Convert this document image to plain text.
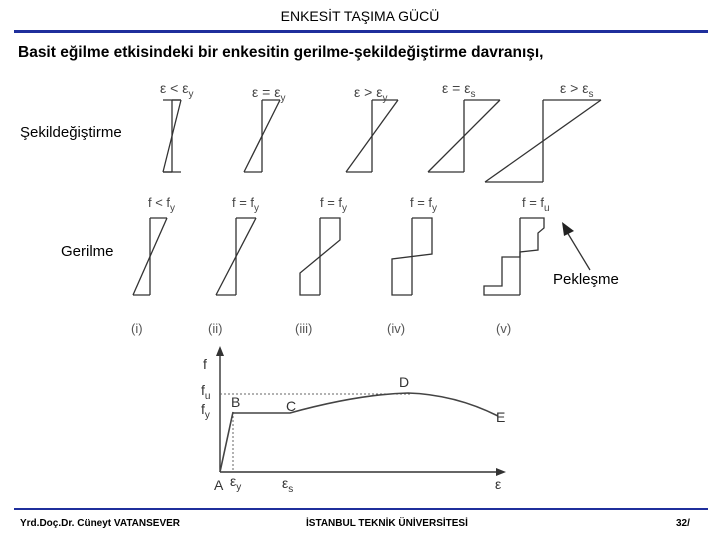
ENKESİT TAŞIMA GÜCÜ
Basit eğilme etkisindeki bir enkesitin gerilme-şekildeğiştirme davranışı,
$\varepsilon < \varepsilon_y$	$\varepsilon = \varepsilon_y$	$\varepsilon > \varepsilon_y$
$\varepsilon = \varepsilon_s$	$\varepsilon > \varepsilon_s$
$f < f_y$	$f = f_y$	$f = f_y$	$f = f_y$	$f = f_u$
(i)	(ii)	(iii)	(iv)	(v)
f
$f_u$
$f_y$
A $\varepsilon_y$	$\varepsilon_s$	ε
B	C
D
E
Şekildeğiştirme
Gerilme
Pekleşme
Yrd.Doç.Dr. Cüneyt VATANSEVER	İSTANBUL TEKNİK ÜNİVERSİTESİ	32/
